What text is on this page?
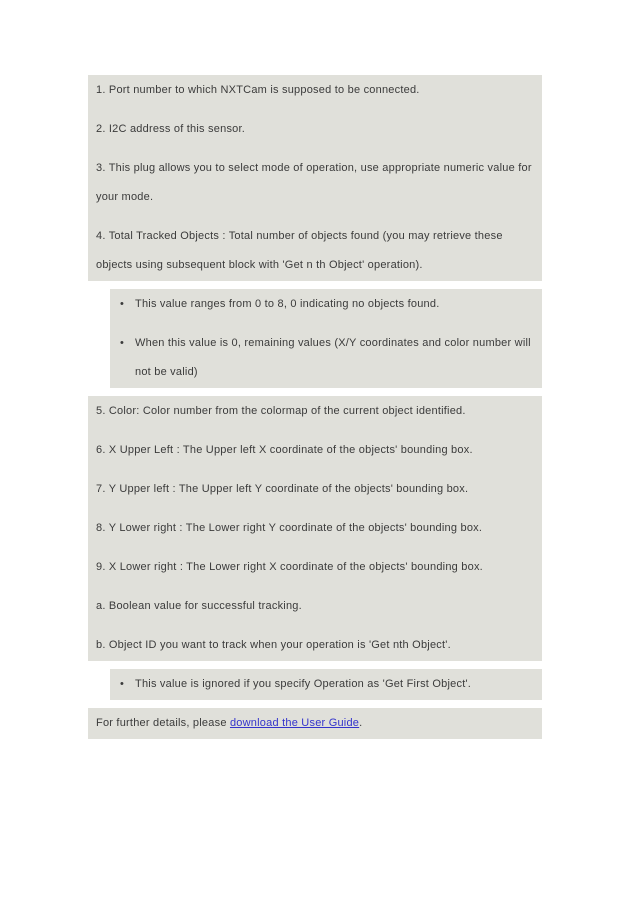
1. Port number to which NXTCam is supposed to be connected.

2. I2C address of this sensor.

3. This plug allows you to select mode of operation, use appropriate numeric value for your mode.

4. Total Tracked Objects : Total number of objects found (you may retrieve these objects using subsequent block with 'Get n th Object' operation).

• This value ranges from 0 to 8, 0 indicating no objects found.
• When this value is 0, remaining values (X/Y coordinates and color number will not be valid)

5. Color: Color number from the colormap of the current object identified.

6. X Upper Left : The Upper left X coordinate of the objects' bounding box.

7. Y Upper left : The Upper left Y coordinate of the objects' bounding box.

8. Y Lower right : The Lower right Y coordinate of the objects' bounding box.

9. X Lower right : The Lower right X coordinate of the objects' bounding box.

a. Boolean value for successful tracking.

b. Object ID you want to track when your operation is 'Get nth Object'.

• This value is ignored if you specify Operation as 'Get First Object'.

For further details, please download the User Guide.
